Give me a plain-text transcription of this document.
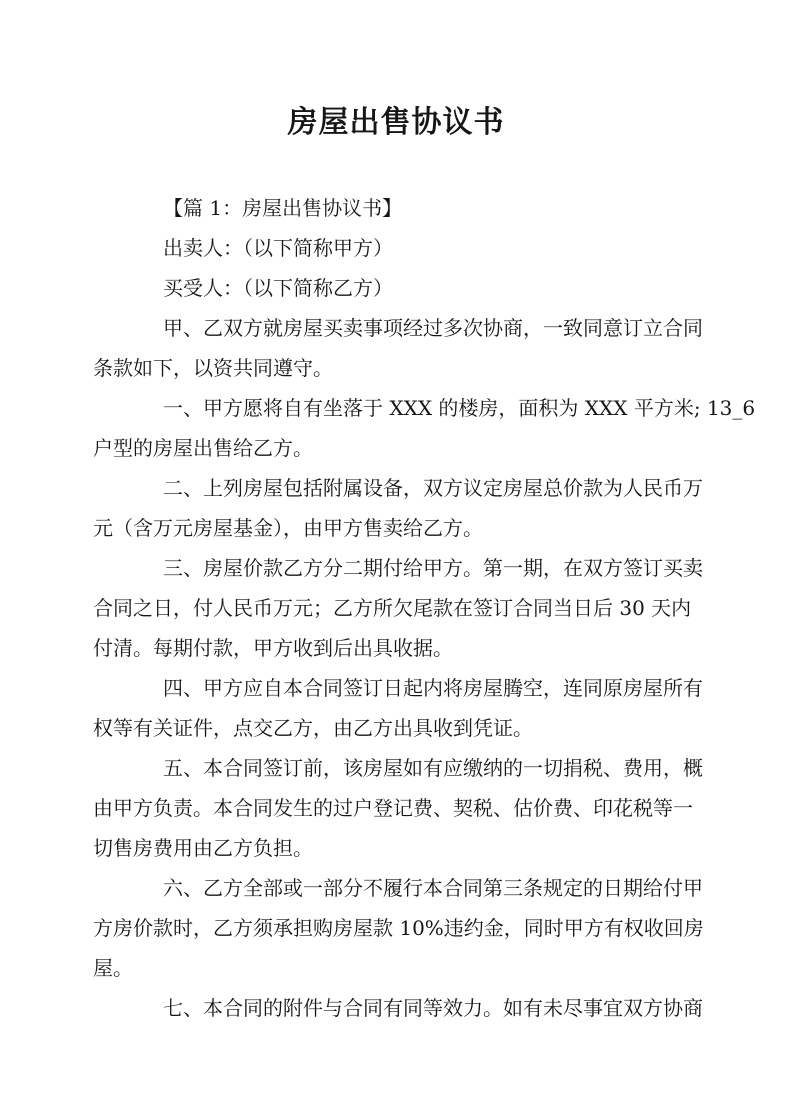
房屋出售协议书
【篇 1：房屋出售协议书】
出卖人：（以下简称甲方）
买受人：（以下简称乙方）
甲、乙双方就房屋买卖事项经过多次协商，一致同意订立合同
条款如下，以资共同遵守。
一、甲方愿将自有坐落于 XXX 的楼房，面积为 XXX 平方米; 13_6
户型的房屋出售给乙方。
二、上列房屋包括附属设备，双方议定房屋总价款为人民币万
元（含万元房屋基金），由甲方售卖给乙方。
三、房屋价款乙方分二期付给甲方。第一期，在双方签订买卖
合同之日，付人民币万元；乙方所欠尾款在签订合同当日后 30 天内
付清。每期付款，甲方收到后出具收据。
四、甲方应自本合同签订日起内将房屋腾空，连同原房屋所有
权等有关证件，点交乙方，由乙方出具收到凭证。
五、本合同签订前，该房屋如有应缴纳的一切捐税、费用，概
由甲方负责。本合同发生的过户登记费、契税、估价费、印花税等一
切售房费用由乙方负担。
六、乙方全部或一部分不履行本合同第三条规定的日期给付甲
方房价款时，乙方须承担购房屋款 10%违约金，同时甲方有权收回房
屋。
七、本合同的附件与合同有同等效力。如有未尽事宜双方协商
